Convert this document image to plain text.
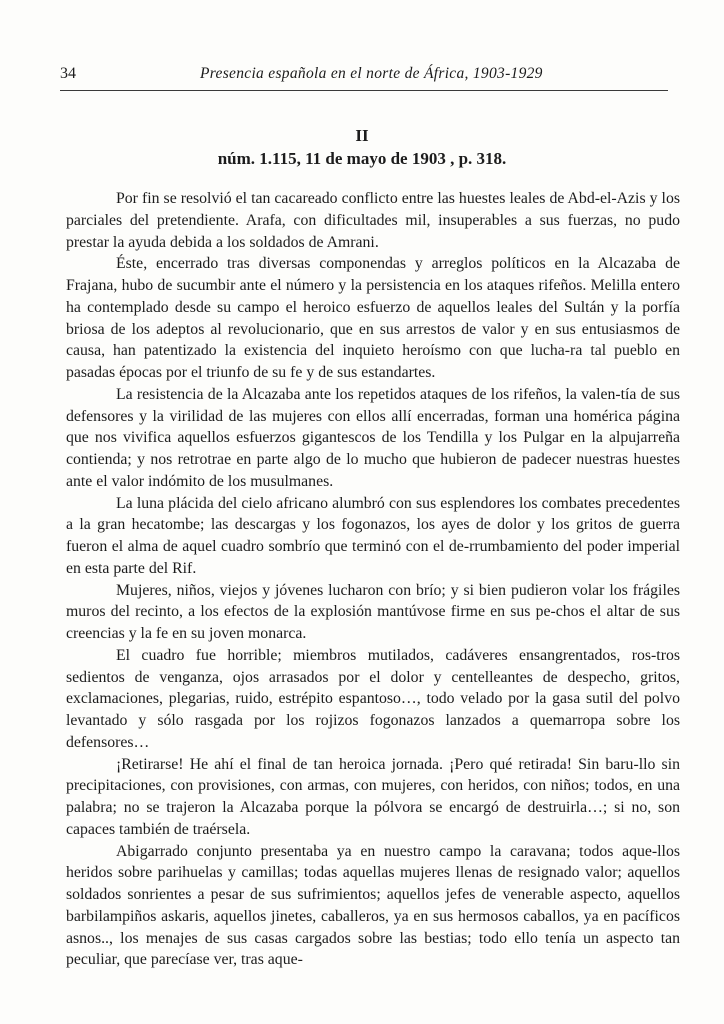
34	Presencia española en el norte de África, 1903-1929
II
núm. 1.115, 11 de mayo de 1903 , p. 318.

Por fin se resolvió el tan cacareado conflicto entre las huestes leales de Abd-el-Azis y los parciales del pretendiente. Arafa, con dificultades mil, insuperables a sus fuerzas, no pudo prestar la ayuda debida a los soldados de Amrani.

Éste, encerrado tras diversas componendas y arreglos políticos en la Alcazaba de Frajana, hubo de sucumbir ante el número y la persistencia en los ataques rifeños. Melilla entero ha contemplado desde su campo el heroico esfuerzo de aquellos leales del Sultán y la porfía briosa de los adeptos al revolucionario, que en sus arrestos de valor y en sus entusiasmos de causa, han patentizado la existencia del inquieto heroísmo con que lucha-ra tal pueblo en pasadas épocas por el triunfo de su fe y de sus estandartes.

La resistencia de la Alcazaba ante los repetidos ataques de los rifeños, la valen-tía de sus defensores y la virilidad de las mujeres con ellos allí encerradas, forman una homérica página que nos vivifica aquellos esfuerzos gigantescos de los Tendilla y los Pulgar en la alpujarreña contienda; y nos retrotrae en parte algo de lo mucho que hubieron de padecer nuestras huestes ante el valor indómito de los musulmanes.

La luna plácida del cielo africano alumbró con sus esplendores los combates precedentes a la gran hecatombe; las descargas y los fogonazos, los ayes de dolor y los gritos de guerra fueron el alma de aquel cuadro sombrío que terminó con el de-rrumbamiento del poder imperial en esta parte del Rif.

Mujeres, niños, viejos y jóvenes lucharon con brío; y si bien pudieron volar los frágiles muros del recinto, a los efectos de la explosión mantúvose firme en sus pe-chos el altar de sus creencias y la fe en su joven monarca.

El cuadro fue horrible; miembros mutilados, cadáveres ensangrentados, ros-tros sedientos de venganza, ojos arrasados por el dolor y centelleantes de despecho, gritos, exclamaciones, plegarias, ruido, estrépito espantoso…, todo velado por la gasa sutil del polvo levantado y sólo rasgada por los rojizos fogonazos lanzados a quemarropa sobre los defensores…

¡Retirarse! He ahí el final de tan heroica jornada. ¡Pero qué retirada! Sin baru-llo sin precipitaciones, con provisiones, con armas, con mujeres, con heridos, con niños; todos, en una palabra; no se trajeron la Alcazaba porque la pólvora se encargó de destruirla…; si no, son capaces también de traérsela.

Abigarrado conjunto presentaba ya en nuestro campo la caravana; todos aque-llos heridos sobre parihuelas y camillas; todas aquellas mujeres llenas de resignado valor; aquellos soldados sonrientes a pesar de sus sufrimientos; aquellos jefes de venerable aspecto, aquellos barbilampiños askaris, aquellos jinetes, caballeros, ya en sus hermosos caballos, ya en pacíficos asnos.., los menajes de sus casas cargados sobre las bestias; todo ello tenía un aspecto tan peculiar, que parecíase ver, tras aque-
